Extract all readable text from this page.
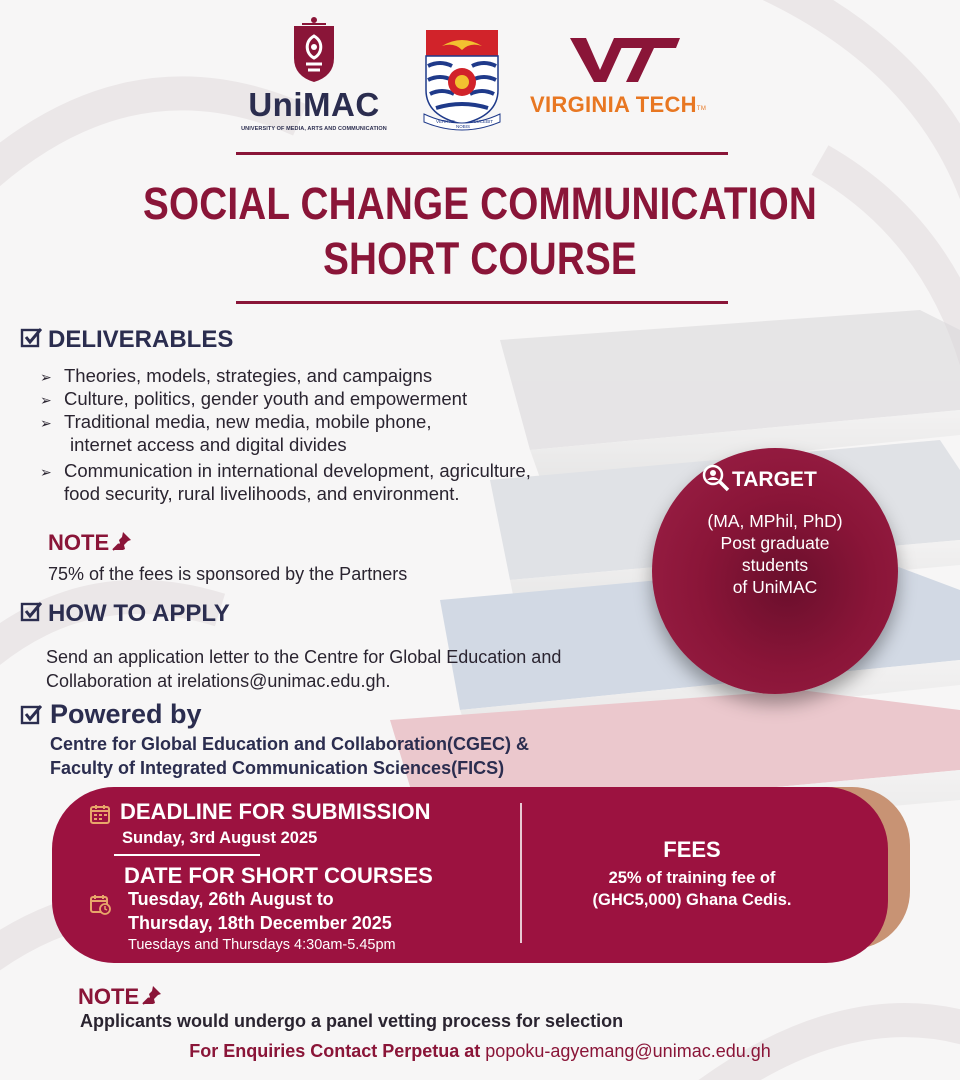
UniMAC
UNIVERSITY OF MEDIA, ARTS AND COMMUNICATION
VERITAS
NOBIS
LUCEBIT
VIRGINIA TECH™
SOCIAL CHANGE COMMUNICATION
SHORT COURSE
DELIVERABLES
➢ Theories, models, strategies, and campaigns
➢ Culture, politics, gender youth and empowerment
➢ Traditional media, new media, mobile phone,
internet access and digital divides
➢ Communication in international development, agriculture,
food security, rural livelihoods, and environment.
NOTE
75% of the fees is sponsored by the Partners
HOW TO APPLY
Send an application letter to the Centre for Global Education and
Collaboration at irelations@unimac.edu.gh.
Powered by
Centre for Global Education and Collaboration(CGEC) &
Faculty of Integrated Communication Sciences(FICS)
TARGET
(MA, MPhil, PhD)
Post graduate
students
of UniMAC
DEADLINE FOR SUBMISSION
Sunday, 3rd August 2025
DATE FOR SHORT COURSES
Tuesday, 26th August to
Thursday, 18th December 2025
Tuesdays and Thursdays 4:30am-5.45pm
FEES
25% of training fee of
(GHC5,000) Ghana Cedis.
NOTE
Applicants would undergo a panel vetting process for selection
For Enquiries Contact Perpetua at popoku-agyemang@unimac.edu.gh
